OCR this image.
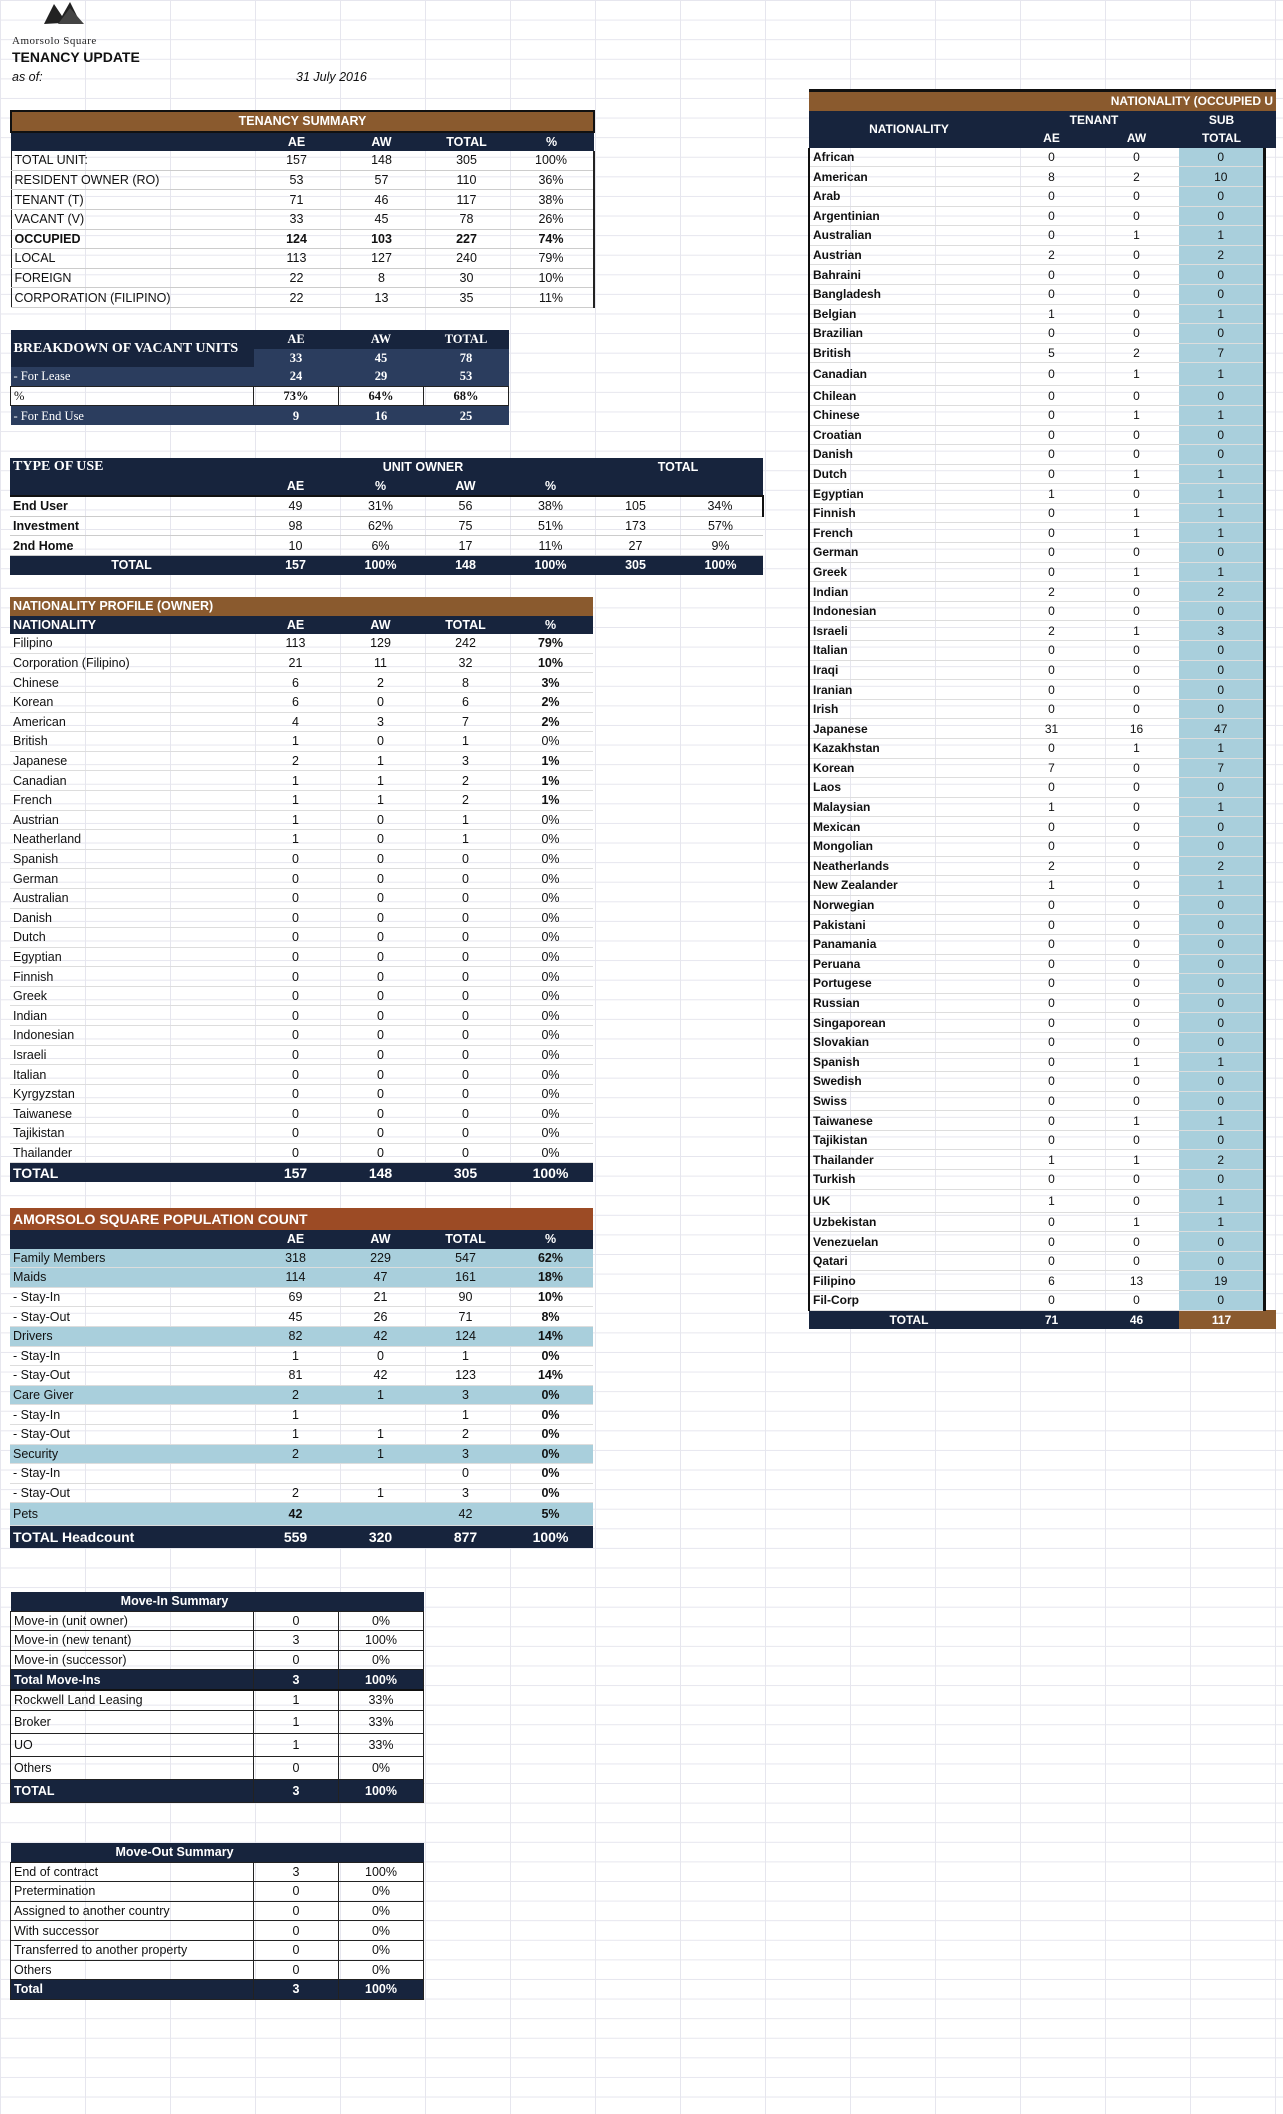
Amorsolo Square
TENANCY UPDATE
as of:	31 July 2016
TENANCY SUMMARY				
	AE	AW	TOTAL	%
TOTAL UNIT:	157	148	305	100%
RESIDENT OWNER (RO)	53	57	110	36%
TENANT (T)	71	46	117	38%
VACANT (V)	33	45	78	26%
OCCUPIED	124	103	227	74%
LOCAL	113	127	240	79%
FOREIGN	22	8	30	10%
CORPORATION (FILIPINO)	22	13	35	11%
BREAKDOWN OF VACANT UNITS	AE	AW	TOTAL
	33	45	78
- For Lease	24	29	53
%	73%	64%	68%
- For End Use	9	16	25
TYPE OF USE	UNIT OWNER				TOTAL	
	AE	%	AW	%		
End User	49	31%	56	38%	105	34%
Investment	98	62%	75	51%	173	57%
2nd Home	10	6%	17	11%	27	9%
TOTAL	157	100%	148	100%	305	100%
NATIONALITY PROFILE (OWNER)				
NATIONALITY	AE	AW	TOTAL	%
Filipino	113	129	242	79%
Corporation (Filipino)	21	11	32	10%
Chinese	6	2	8	3%
Korean	6	0	6	2%
American	4	3	7	2%
British	1	0	1	0%
Japanese	2	1	3	1%
Canadian	1	1	2	1%
French	1	1	2	1%
Austrian	1	0	1	0%
Neatherland	1	0	1	0%
Spanish	0	0	0	0%
German	0	0	0	0%
Australian	0	0	0	0%
Danish	0	0	0	0%
Dutch	0	0	0	0%
Egyptian	0	0	0	0%
Finnish	0	0	0	0%
Greek	0	0	0	0%
Indian	0	0	0	0%
Indonesian	0	0	0	0%
Israeli	0	0	0	0%
Italian	0	0	0	0%
Kyrgyzstan	0	0	0	0%
Taiwanese	0	0	0	0%
Tajikistan	0	0	0	0%
Thailander	0	0	0	0%
TOTAL	157	148	305	100%
AMORSOLO SQUARE POPULATION COUNT				
	AE	AW	TOTAL	%
Family Members	318	229	547	62%
Maids	114	47	161	18%
- Stay-In	69	21	90	10%
- Stay-Out	45	26	71	8%
Drivers	82	42	124	14%
- Stay-In	1	0	1	0%
- Stay-Out	81	42	123	14%
Care Giver	2	1	3	0%
- Stay-In	1		1	0%
- Stay-Out	1	1	2	0%
Security	2	1	3	0%
- Stay-In			0	0%
- Stay-Out	2	1	3	0%
Pets	42		42	5%
TOTAL Headcount	559	320	877	100%
Move-In Summary		
Move-in (unit owner)	0	0%
Move-in (new tenant)	3	100%
Move-in (successor)	0	0%
Total Move-Ins	3	100%
Rockwell Land Leasing	1	33%
Broker	1	33%
UO	1	33%
Others	0	0%
TOTAL	3	100%
Move-Out Summary		
End of contract	3	100%
Pretermination	0	0%
Assigned to another country	0	0%
With successor	0	0%
Transferred to another property	0	0%
Others	0	0%
Total	3	100%
NATIONALITY (OCCUPIED U				
NATIONALITY	TENANT		SUB	
	AE	AW	TOTAL	
African	0	0	0	
American	8	2	10	
Arab	0	0	0	
Argentinian	0	0	0	
Australian	0	1	1	
Austrian	2	0	2	
Bahraini	0	0	0	
Bangladesh	0	0	0	
Belgian	1	0	1	
Brazilian	0	0	0	
British	5	2	7	
Canadian	0	1	1	
Chilean	0	0	0	
Chinese	0	1	1	
Croatian	0	0	0	
Danish	0	0	0	
Dutch	0	1	1	
Egyptian	1	0	1	
Finnish	0	1	1	
French	0	1	1	
German	0	0	0	
Greek	0	1	1	
Indian	2	0	2	
Indonesian	0	0	0	
Israeli	2	1	3	
Italian	0	0	0	
Iraqi	0	0	0	
Iranian	0	0	0	
Irish	0	0	0	
Japanese	31	16	47	
Kazakhstan	0	1	1	
Korean	7	0	7	
Laos	0	0	0	
Malaysian	1	0	1	
Mexican	0	0	0	
Mongolian	0	0	0	
Neatherlands	2	0	2	
New Zealander	1	0	1	
Norwegian	0	0	0	
Pakistani	0	0	0	
Panamania	0	0	0	
Peruana	0	0	0	
Portugese	0	0	0	
Russian	0	0	0	
Singaporean	0	0	0	
Slovakian	0	0	0	
Spanish	0	1	1	
Swedish	0	0	0	
Swiss	0	0	0	
Taiwanese	0	1	1	
Tajikistan	0	0	0	
Thailander	1	1	2	
Turkish	0	0	0	
UK	1	0	1	
Uzbekistan	0	1	1	
Venezuelan	0	0	0	
Qatari	0	0	0	
Filipino	6	13	19	
Fil-Corp	0	0	0	
TOTAL	71	46	117	
